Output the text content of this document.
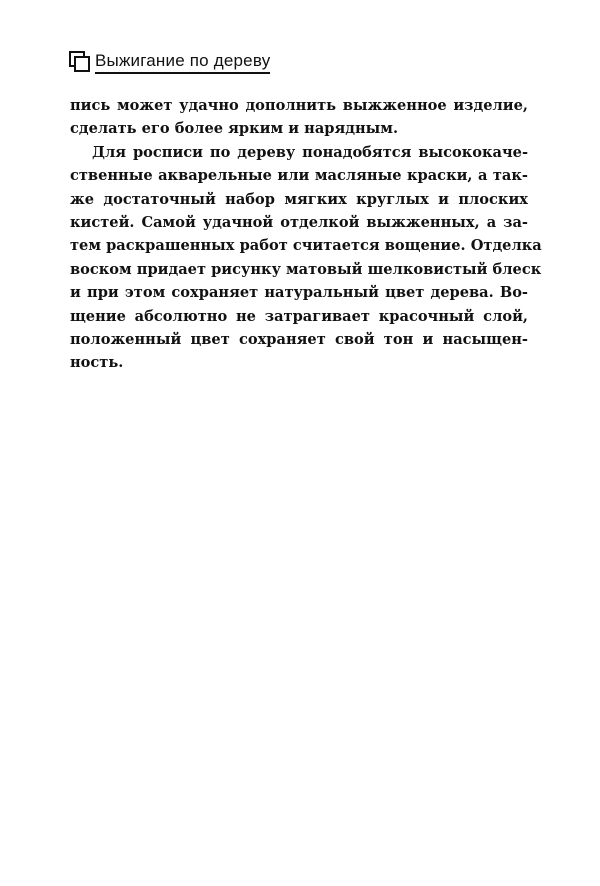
Выжигание по дереву
пись может удачно дополнить выжженное изделие,
сделать его более ярким и нарядным.
Для росписи по дереву понадобятся высококаче-
ственные акварельные или масляные краски, а так-
же достаточный набор мягких круглых и плоских
кистей. Самой удачной отделкой выжженных, а за-
тем раскрашенных работ считается вощение. Отделка
воском придает рисунку матовый шелковистый блеск
и при этом сохраняет натуральный цвет дерева. Во-
щение абсолютно не затрагивает красочный слой,
положенный цвет сохраняет свой тон и насыщен-
ность.
